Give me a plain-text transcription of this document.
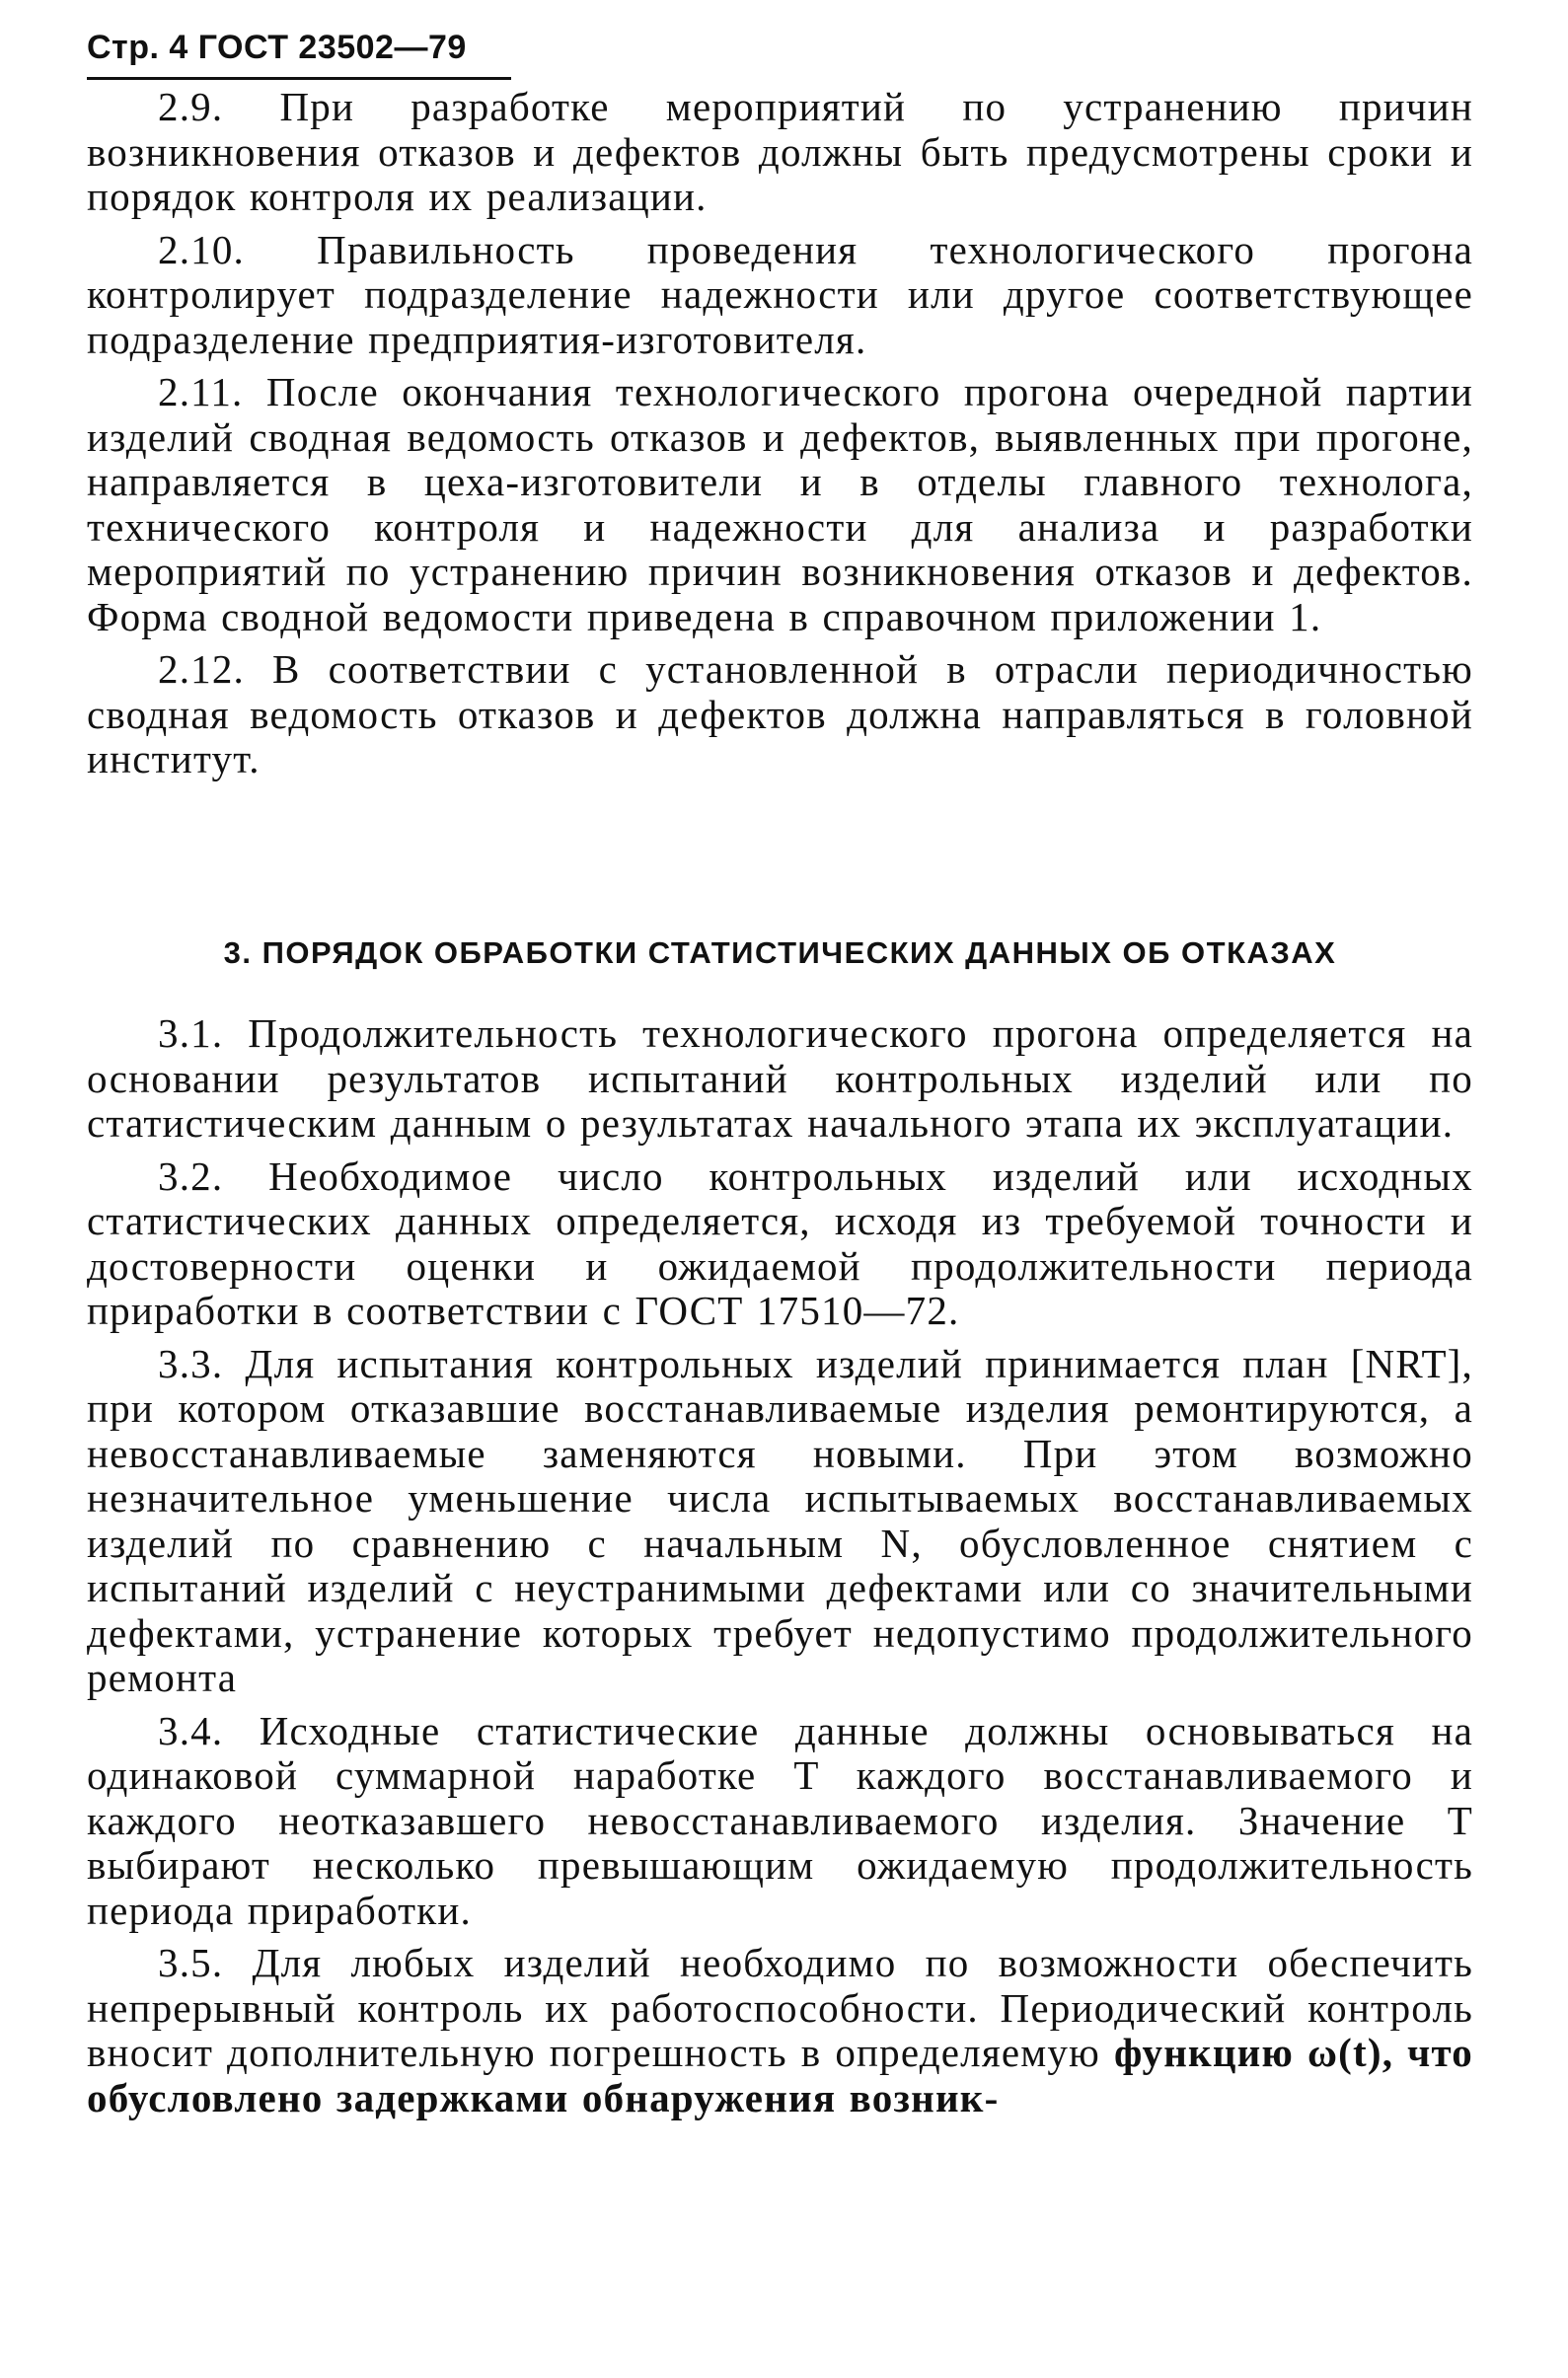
Стр. 4 ГОСТ 23502—79

2.9. При разработке мероприятий по устранению причин возникновения отказов и дефектов должны быть предусмотрены сроки и порядок контроля их реализации.

2.10. Правильность проведения технологического прогона контролирует подразделение надежности или другое соответствующее подразделение предприятия-изготовителя.

2.11. После окончания технологического прогона очередной партии изделий сводная ведомость отказов и дефектов, выявленных при прогоне, направляется в цеха-изготовители и в отделы главного технолога, технического контроля и надежности для анализа и разработки мероприятий по устранению причин возникновения отказов и дефектов. Форма сводной ведомости приведена в справочном приложении 1.

2.12. В соответствии с установленной в отрасли периодичностью сводная ведомость отказов и дефектов должна направляться в головной институт.

3. ПОРЯДОК ОБРАБОТКИ СТАТИСТИЧЕСКИХ ДАННЫХ ОБ ОТКАЗАХ

3.1. Продолжительность технологического прогона определяется на основании результатов испытаний контрольных изделий или по статистическим данным о результатах начального этапа их эксплуатации.

3.2. Необходимое число контрольных изделий или исходных статистических данных определяется, исходя из требуемой точности и достоверности оценки и ожидаемой продолжительности периода приработки в соответствии с ГОСТ 17510—72.

3.3. Для испытания контрольных изделий принимается план [NRT], при котором отказавшие восстанавливаемые изделия ремонтируются, а невосстанавливаемые заменяются новыми. При этом возможно незначительное уменьшение числа испытываемых восстанавливаемых изделий по сравнению с начальным N, обусловленное снятием с испытаний изделий с неустранимыми дефектами или со значительными дефектами, устранение которых требует недопустимо продолжительного ремонта

3.4. Исходные статистические данные должны основываться на одинаковой суммарной наработке T каждого восстанавливаемого и каждого неотказавшего невосстанавливаемого изделия. Значение T выбирают несколько превышающим ожидаемую продолжительность периода приработки.

3.5. Для любых изделий необходимо по возможности обеспечить непрерывный контроль их работоспособности. Периодический контроль вносит дополнительную погрешность в определяемую функцию ω(t), что обусловлено задержками обнаружения возник-
